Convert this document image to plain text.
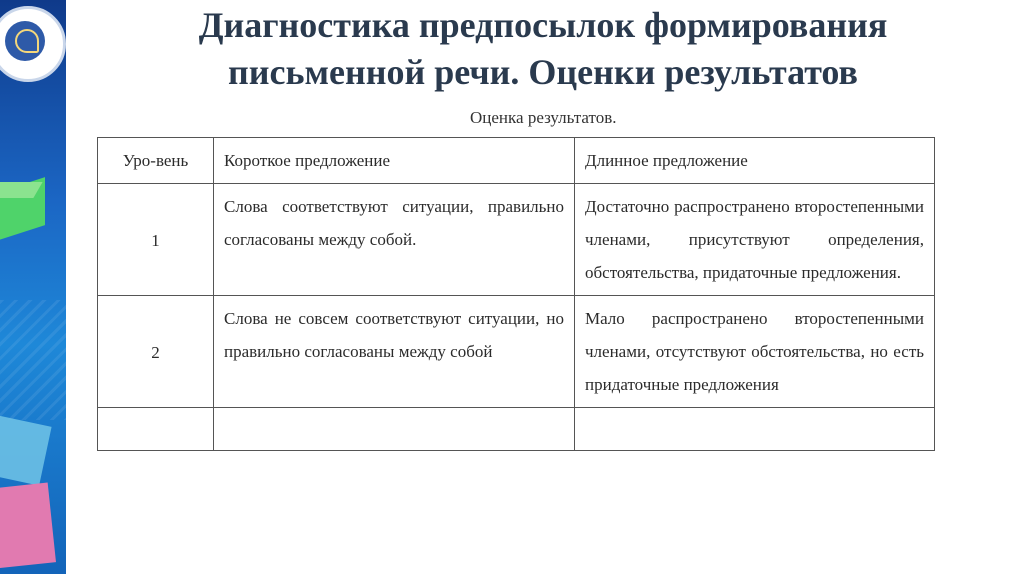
Диагностика предпосылок формирования письменной речи. Оценки результатов
Оценка результатов.
Уро-вень	Короткое предложение	Длинное предложение

1	Слова соответствуют ситуации, правильно согласованы между собой.	Достаточно распространено второстепенными членами, присутствуют определения, обстоятельства, придаточные предложения.

2	Слова не совсем соответствуют ситуации, но правильно согласованы между собой	Мало распространено второстепенными членами, отсутствуют обстоятельства, но есть придаточные предложения
